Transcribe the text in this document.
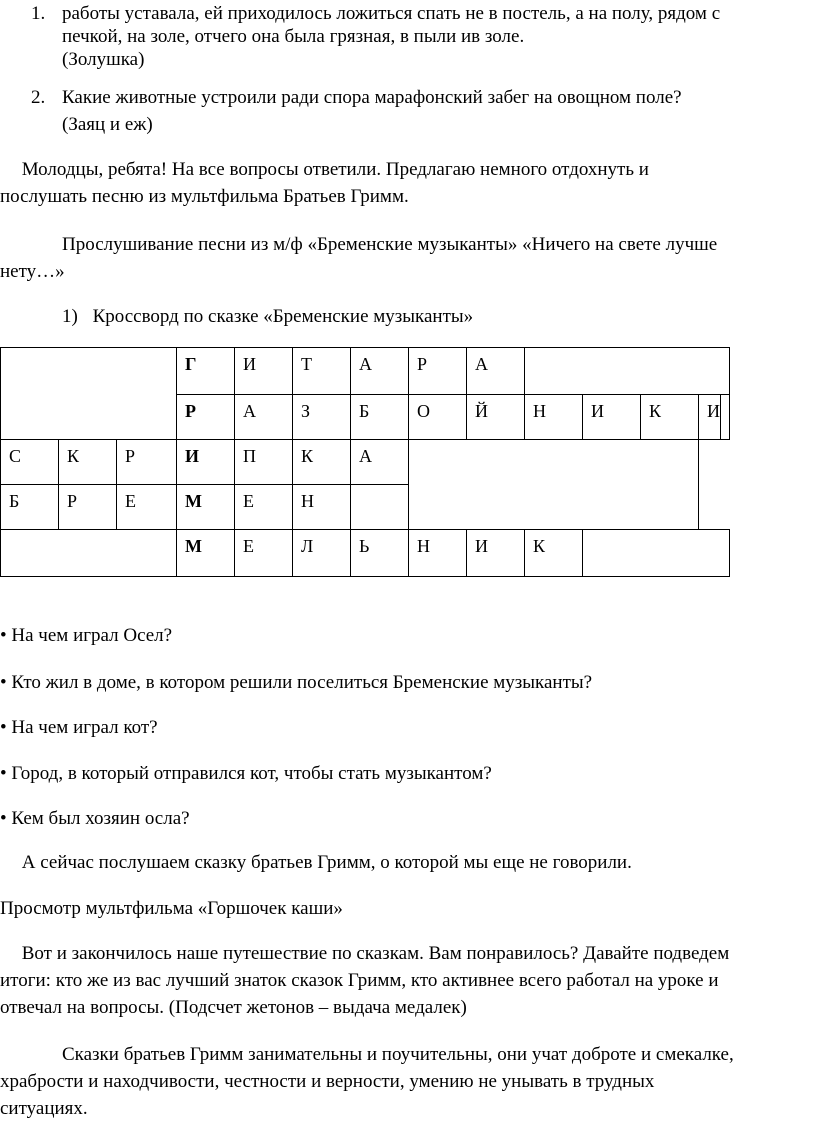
1. работы уставала, ей приходилось ложиться спать не в постель, а на полу, рядом с
печкой, на золе, отчего она была грязная, в пыли ив золе.
(Золушка)
2. Какие животные устроили ради спора марафонский забег на овощном поле?
(Заяц и еж)
Молодцы, ребята! На все вопросы ответили. Предлагаю немного отдохнуть и
послушать песню из мультфильма Братьев Гримм.
Прослушивание песни из м/ф «Бременские музыканты» «Ничего на свете лучше
нету…»
1) Кроссворд по сказке «Бременские музыканты»
			Г	И	Т	А	Р	А					
			Р	А	З	Б	О	Й	Н	И	К	И	
С	К	Р	И	П	К	А							
Б	Р	Е	М	Е	Н								
			М	Е	Л	Ь	Н	И	К				
• На чем играл Осел?
• Кто жил в доме, в котором решили поселиться Бременские музыканты?
• На чем играл кот?
• Город, в который отправился кот, чтобы стать музыкантом?
• Кем был хозяин осла?
А сейчас послушаем сказку братьев Гримм, о которой мы еще не говорили.
Просмотр мультфильма «Горшочек каши»
Вот и закончилось наше путешествие по сказкам. Вам понравилось? Давайте подведем
итоги: кто же из вас лучший знаток сказок Гримм, кто активнее всего работал на уроке и
отвечал на вопросы. (Подсчет жетонов – выдача медалек)
Сказки братьев Гримм занимательны и поучительны, они учат доброте и смекалке,
храбрости и находчивости, честности и верности, умению не унывать в трудных
ситуациях.
